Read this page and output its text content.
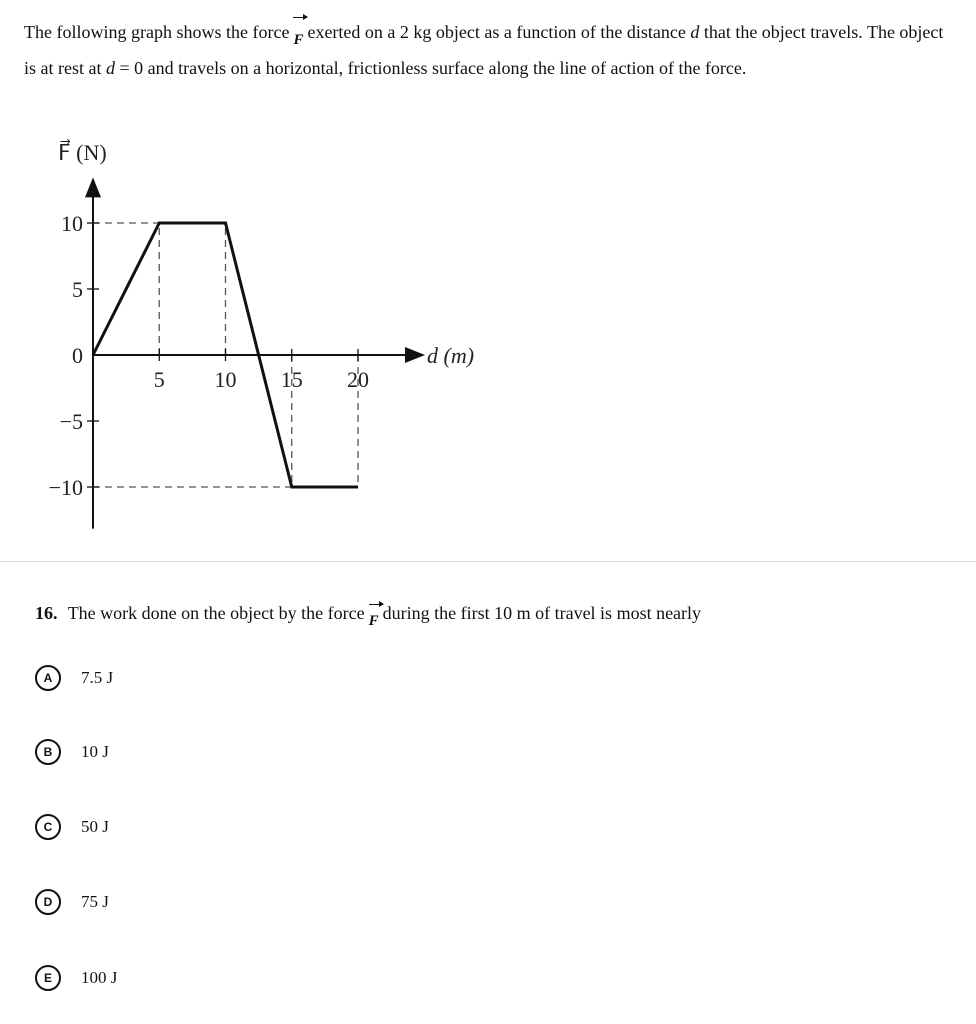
The following graph shows the force F exerted on a 2 kg object as a function of the distance d that the object travels. The object is at rest at d = 0 and travels on a horizontal, frictionless surface along the line of action of the force.
5 10 15 20
10
5
0
−5
−10
F⃗ (N)
d (m)
16. The work done on the object by the force F during the first 10 m of travel is most nearly
A	7.5 J
B	10 J
C	50 J
D	75 J
E	100 J
